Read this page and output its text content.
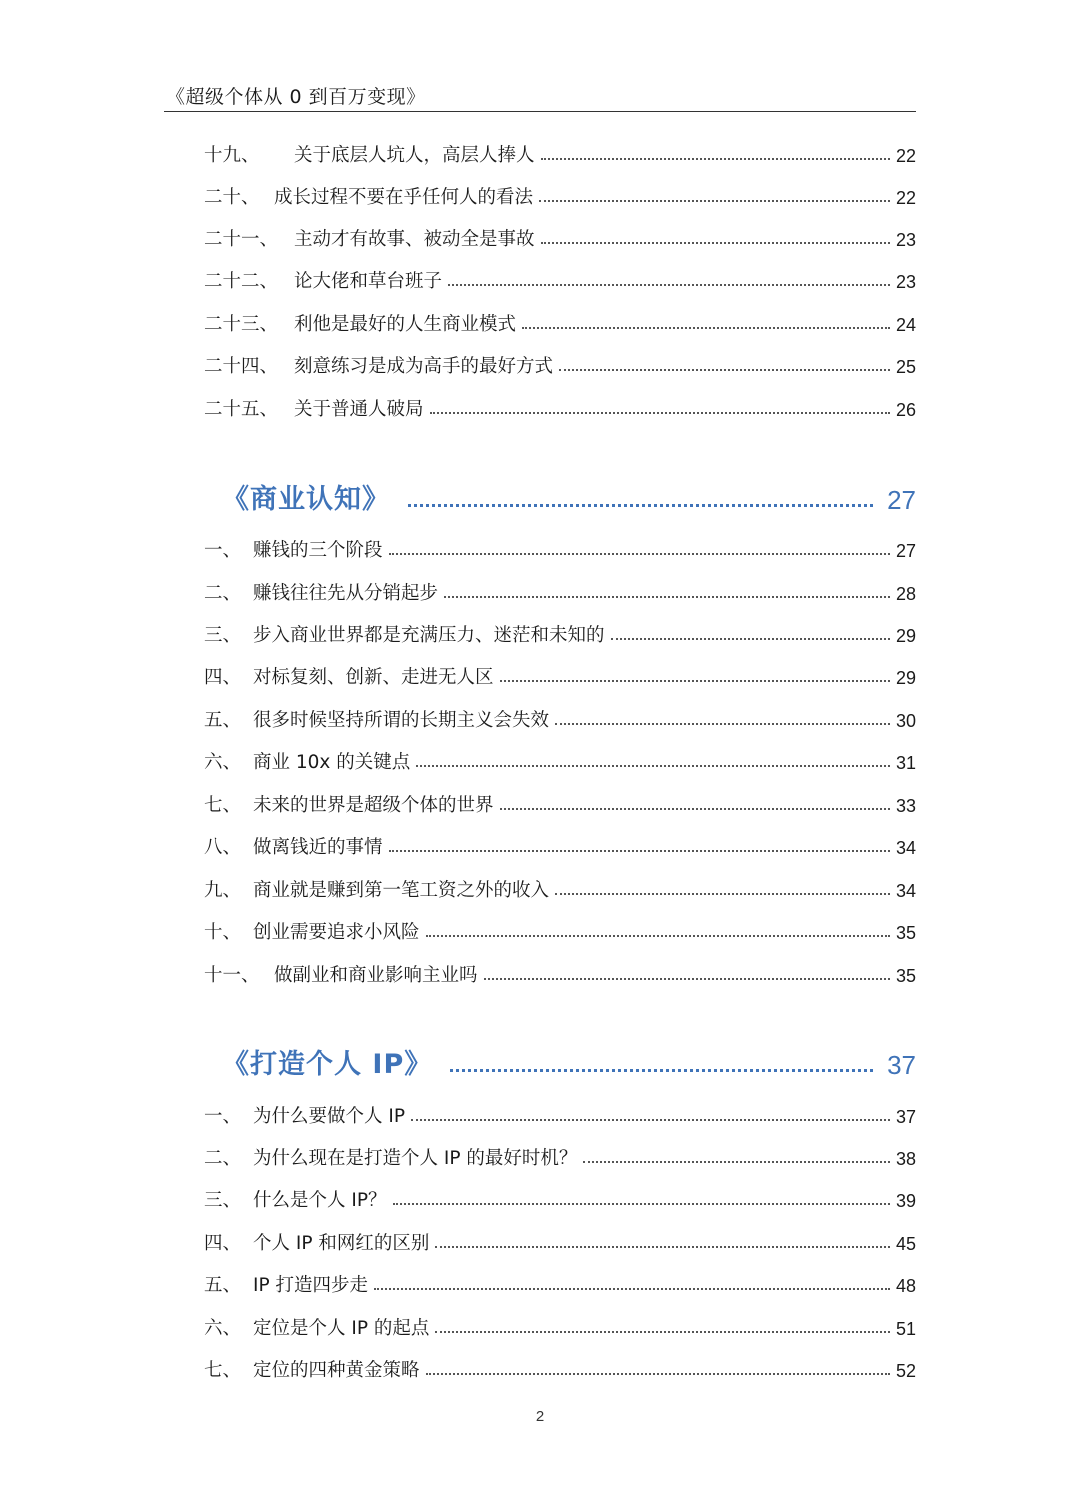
《超级个体从 0 到百万变现》
十九、	关于底层人坑人，高层人捧人	22
二十、 成长过程不要在乎任何人的看法	22
二十一、 主动才有故事、被动全是事故	23
二十二、 论大佬和草台班子	23
二十三、 利他是最好的人生商业模式	24
二十四、 刻意练习是成为高手的最好方式	25
二十五、 关于普通人破局	26
《商业认知》	27
一、 赚钱的三个阶段	27
二、 赚钱往往先从分销起步	28
三、 步入商业世界都是充满压力、迷茫和未知的	29
四、 对标复刻、创新、走进无人区	29
五、 很多时候坚持所谓的长期主义会失效	30
六、 商业 10x 的关键点	31
七、 未来的世界是超级个体的世界	33
八、 做离钱近的事情	34
九、 商业就是赚到第一笔工资之外的收入	34
十、 创业需要追求小风险	35
十一、 做副业和商业影响主业吗	35
《打造个人 IP》	37
一、 为什么要做个人 IP	37
二、 为什么现在是打造个人 IP 的最好时机？	38
三、 什么是个人 IP？	39
四、 个人 IP 和网红的区别	45
五、 IP 打造四步走	48
六、 定位是个人 IP 的起点	51
七、 定位的四种黄金策略	52
2
